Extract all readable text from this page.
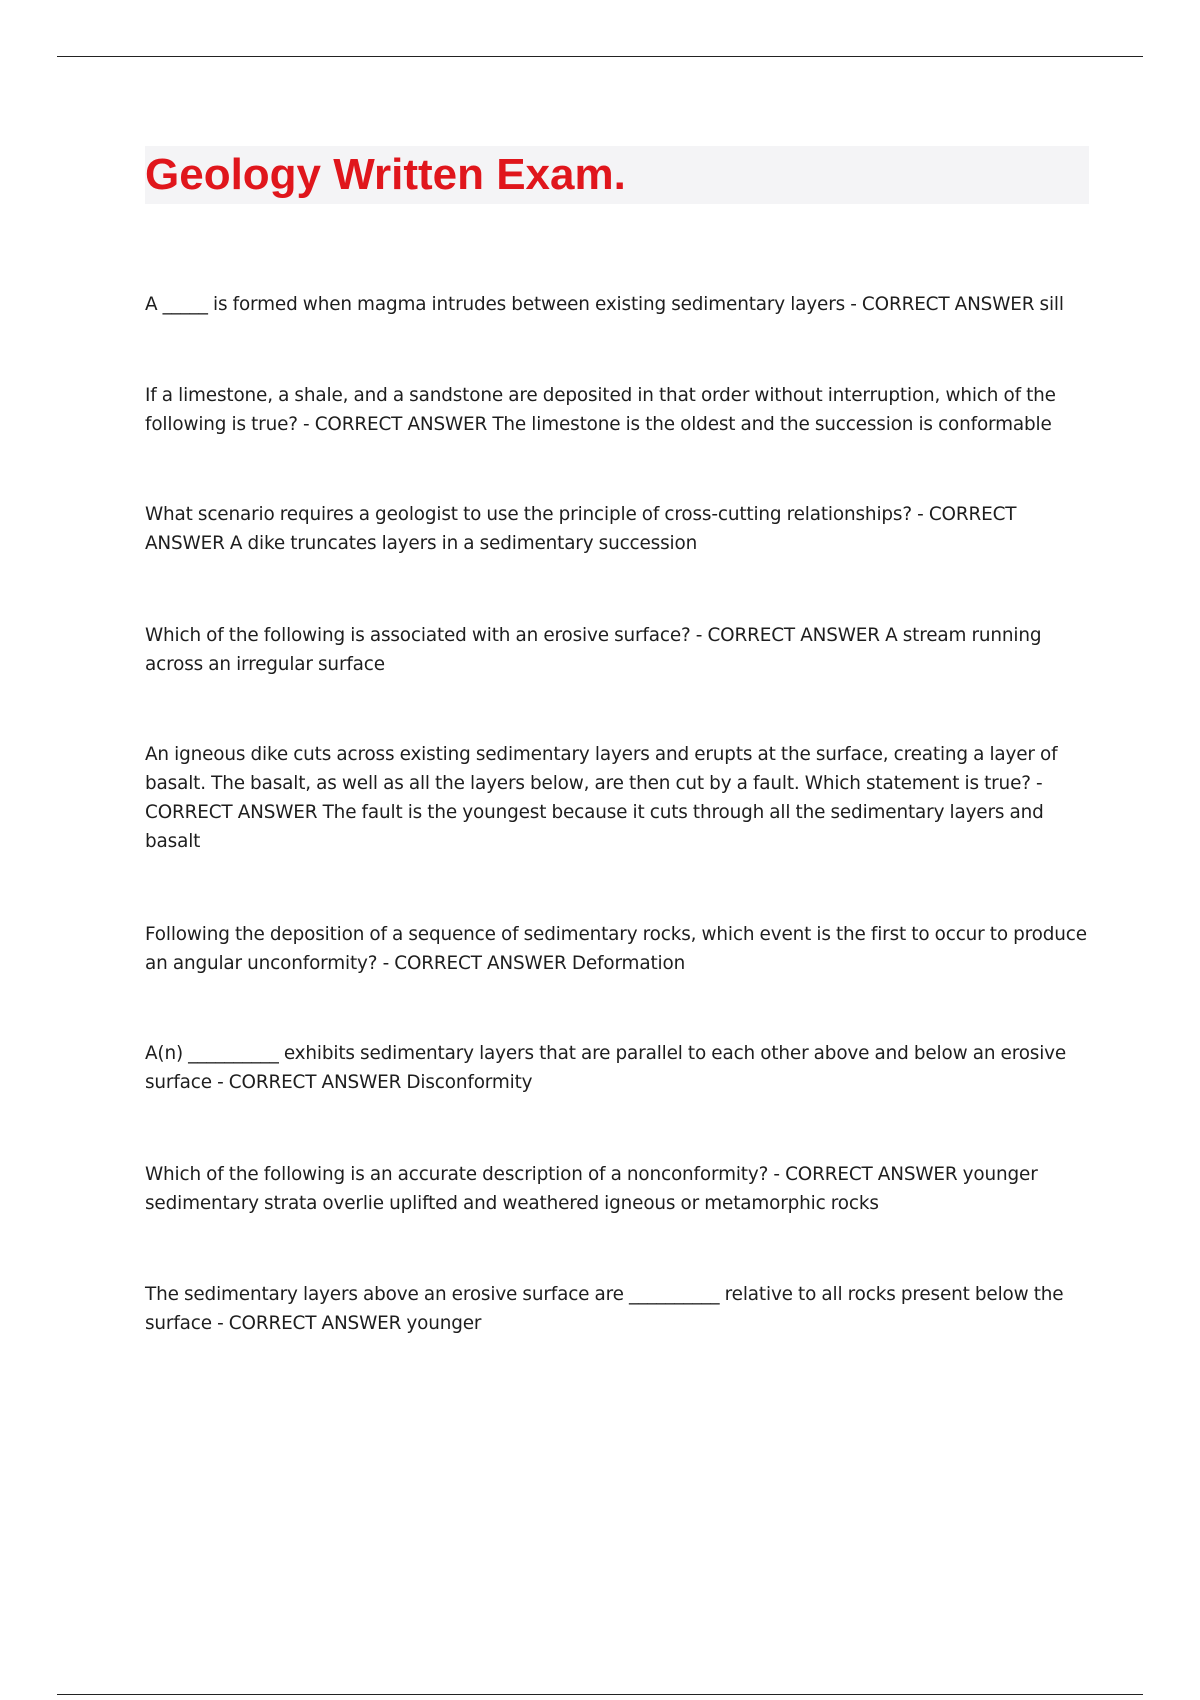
Geology Written Exam.

A _____ is formed when magma intrudes between existing sedimentary layers - CORRECT ANSWER sill

If a limestone, a shale, and a sandstone are deposited in that order without interruption, which of the following is true? - CORRECT ANSWER The limestone is the oldest and the succession is conformable

What scenario requires a geologist to use the principle of cross-cutting relationships? - CORRECT ANSWER A dike truncates layers in a sedimentary succession

Which of the following is associated with an erosive surface? - CORRECT ANSWER A stream running across an irregular surface

An igneous dike cuts across existing sedimentary layers and erupts at the surface, creating a layer of basalt. The basalt, as well as all the layers below, are then cut by a fault. Which statement is true? - CORRECT ANSWER The fault is the youngest because it cuts through all the sedimentary layers and basalt

Following the deposition of a sequence of sedimentary rocks, which event is the first to occur to produce an angular unconformity? - CORRECT ANSWER Deformation

A(n) __________ exhibits sedimentary layers that are parallel to each other above and below an erosive surface - CORRECT ANSWER Disconformity

Which of the following is an accurate description of a nonconformity? - CORRECT ANSWER younger sedimentary strata overlie uplifted and weathered igneous or metamorphic rocks

The sedimentary layers above an erosive surface are __________ relative to all rocks present below the surface - CORRECT ANSWER younger
